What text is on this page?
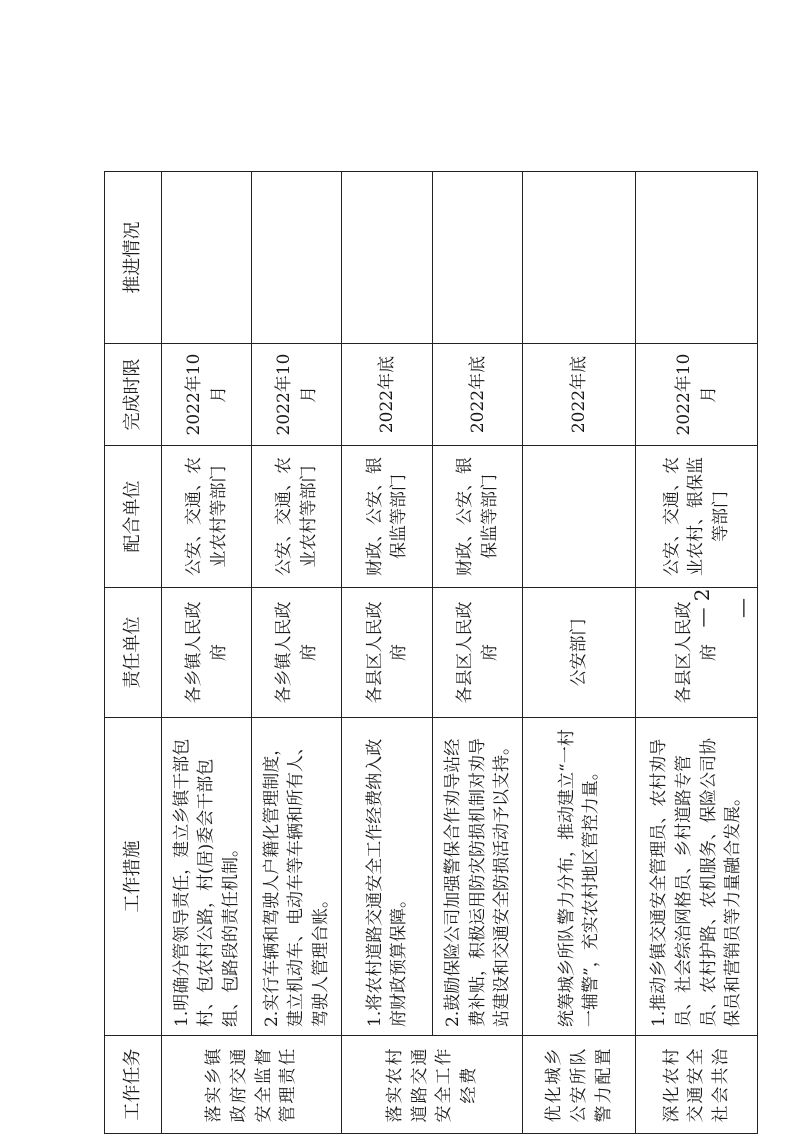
工作任务	工作措施	责任单位	配合单位	完成时限	推进情况
落实乡镇政府交通安全监督管理责任	1.明确分管领导责任，建立乡镇干部包村、包农村公路，村(居)委会干部包组、包路段的责任机制。	各乡镇人民政府	公安、交通、农业农村等部门	2022年10月	
	2.实行车辆和驾驶人户籍化管理制度，建立机动车、电动车等车辆和所有人、驾驶人管理台账。	各乡镇人民政府	公安、交通、农业农村等部门	2022年10月	
落实农村道路交通安全工作经费	1.将农村道路交通安全工作经费纳入政府财政预算保障。	各县区人民政府	财政、公安、银保监等部门	2022年底	
	2.鼓励保险公司加强警保合作劝导站经费补贴，积极运用防灾防损机制对劝导站建设和交通安全防损活动予以支持。	各县区人民政府	财政、公安、银保监等部门	2022年底	
优化城乡公安所队警力配置	统筹城乡所队警力分布，推动建立“一村一辅警”，充实农村地区管控力量。	公安部门		2022年底	
深化农村交通安全社会共治	1.推动乡镇交通安全管理员、农村劝导员、社会综治网格员、乡村道路专管员、农村护路、农机服务、保险公司协保员和营销员等力量融合发展。	各县区人民政府	公安、交通、农业农村、银保监等部门	2022年10月	
— 2 —
